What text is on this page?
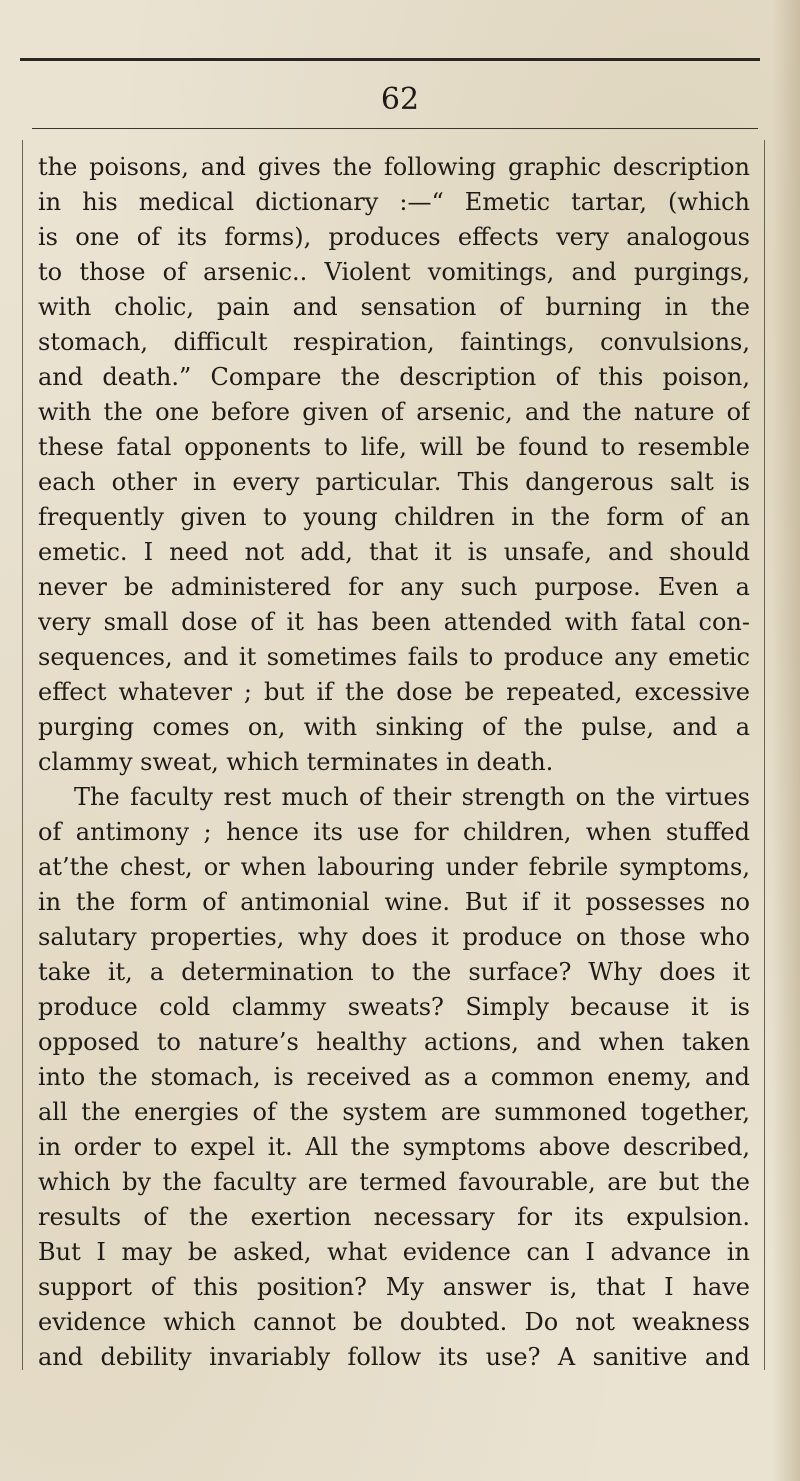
62
the poisons, and gives the following graphic description
in his medical dictionary :—“ Emetic tartar, (which
is one of its forms), produces effects very analogous
to those of arsenic.. Violent vomitings, and purgings,
with cholic, pain and sensation of burning in the
stomach, difficult respiration, faintings, convulsions,
and death.” Compare the description of this poison,
with the one before given of arsenic, and the nature of
these fatal opponents to life, will be found to resemble
each other in every particular. This dangerous salt is
frequently given to young children in the form of an
emetic. I need not add, that it is unsafe, and should
never be administered for any such purpose. Even a
very small dose of it has been attended with fatal con-
sequences, and it sometimes fails to produce any emetic
effect whatever ; but if the dose be repeated, excessive
purging comes on, with sinking of the pulse, and a
clammy sweat, which terminates in death.
The faculty rest much of their strength on the virtues
of antimony ; hence its use for children, when stuffed
at’the chest, or when labouring under febrile symptoms,
in the form of antimonial wine. But if it possesses no
salutary properties, why does it produce on those who
take it, a determination to the surface? Why does it
produce cold clammy sweats? Simply because it is
opposed to nature’s healthy actions, and when taken
into the stomach, is received as a common enemy, and
all the energies of the system are summoned together,
in order to expel it. All the symptoms above described,
which by the faculty are termed favourable, are but the
results of the exertion necessary for its expulsion.
But I may be asked, what evidence can I advance in
support of this position? My answer is, that I have
evidence which cannot be doubted. Do not weakness
and debility invariably follow its use? A sanitive and
